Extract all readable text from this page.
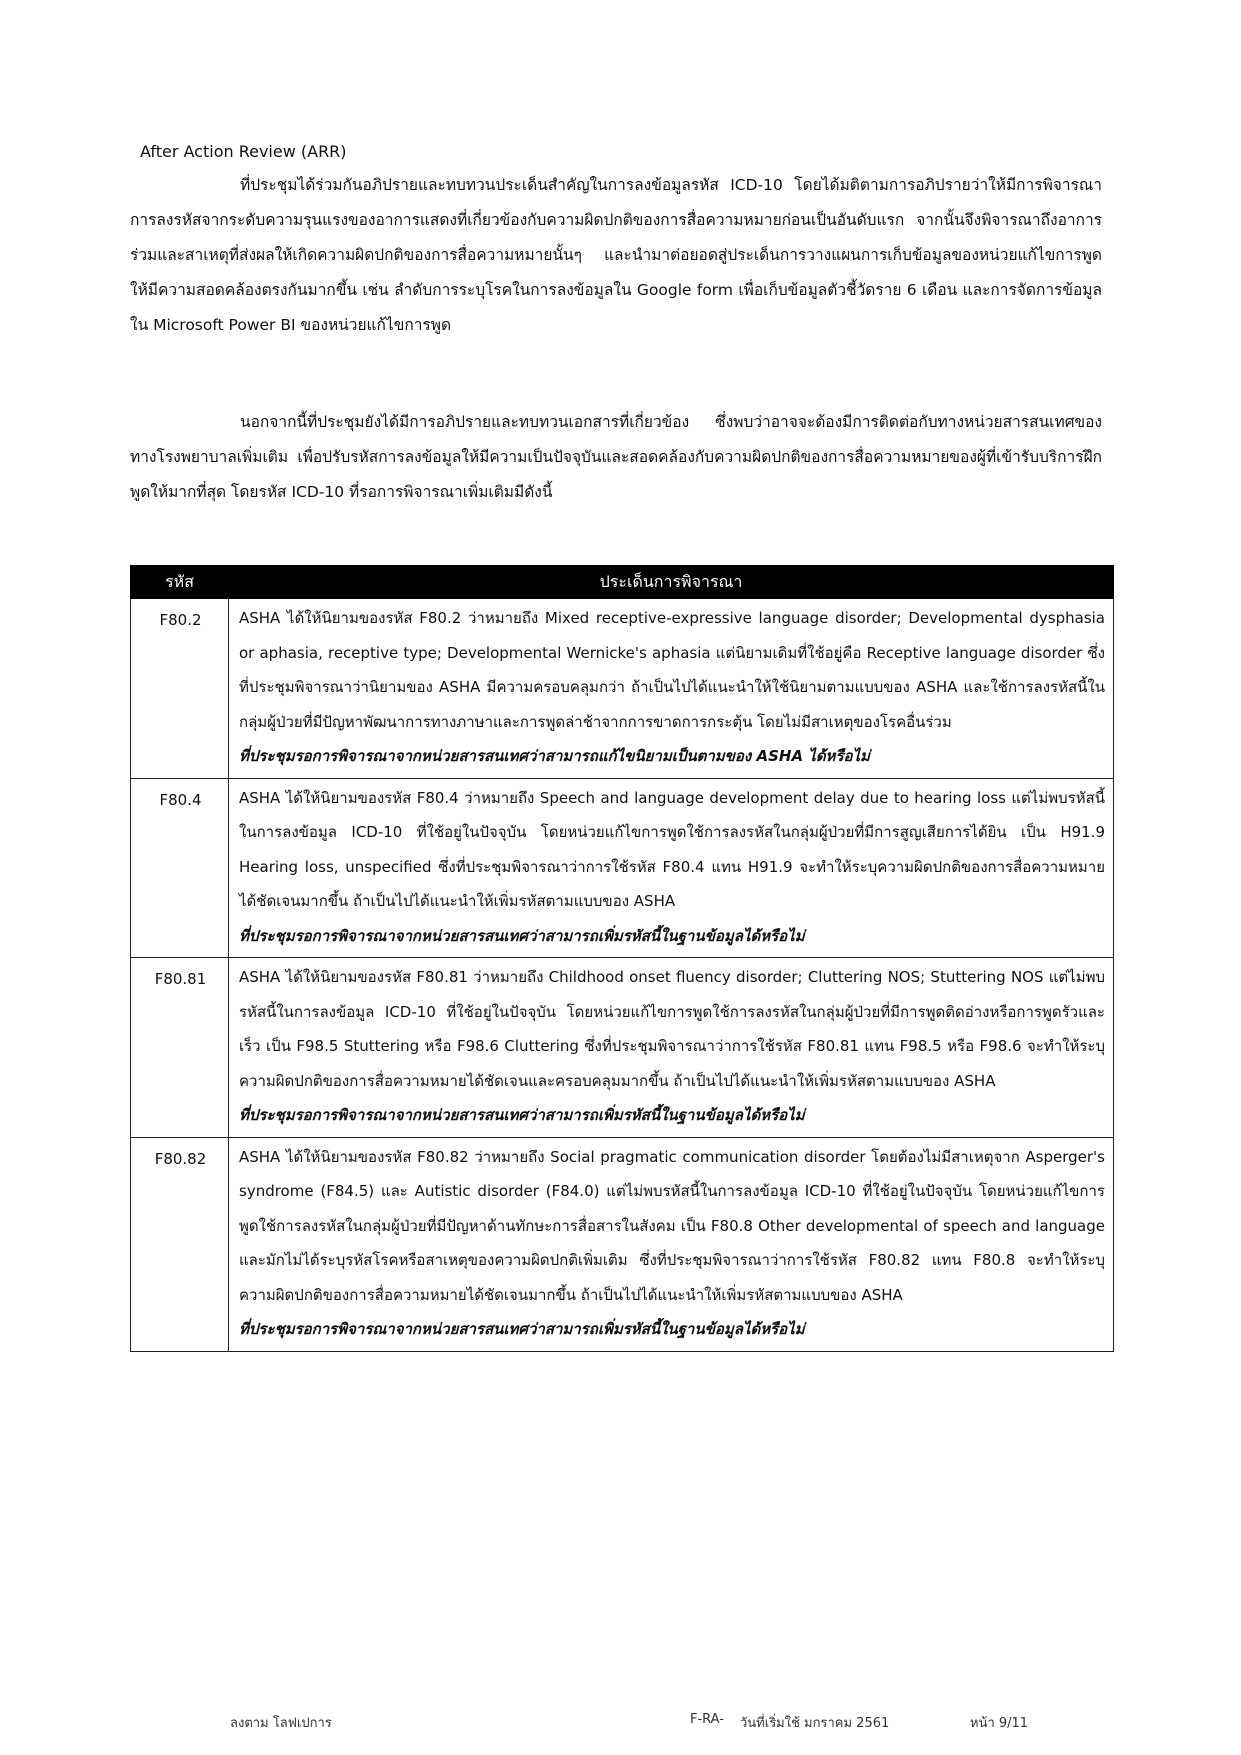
After Action Review (ARR)

ที่ประชุมได้ร่วมกันอภิปรายและทบทวนประเด็นสำคัญในการลงข้อมูลรหัส ICD-10 โดยได้มติตามการอภิปรายว่าให้มีการพิจารณาการลงรหัสจากระดับความรุนแรงของอาการแสดงที่เกี่ยวข้องกับความผิดปกติของการสื่อความหมายก่อนเป็นอันดับแรก จากนั้นจึงพิจารณาถึงอาการร่วมและสาเหตุที่ส่งผลให้เกิดความผิดปกติของการสื่อความหมายนั้นๆ และนำมาต่อยอดสู่ประเด็นการวางแผนการเก็บข้อมูลของหน่วยแก้ไขการพูดให้มีความสอดคล้องตรงกันมากขึ้น เช่น ลำดับการระบุโรคในการลงข้อมูลใน Google form เพื่อเก็บข้อมูลตัวชี้วัดราย 6 เดือน และการจัดการข้อมูลใน Microsoft Power BI ของหน่วยแก้ไขการพูด

นอกจากนี้ที่ประชุมยังได้มีการอภิปรายและทบทวนเอกสารที่เกี่ยวข้อง ซึ่งพบว่าอาจจะต้องมีการติดต่อกับทางหน่วยสารสนเทศของทางโรงพยาบาลเพิ่มเติม เพื่อปรับรหัสการลงข้อมูลให้มีความเป็นปัจจุบันและสอดคล้องกับความผิดปกติของการสื่อความหมายของผู้ที่เข้ารับบริการฝึกพูดให้มากที่สุด โดยรหัส ICD-10 ที่รอการพิจารณาเพิ่มเติมมีดังนี้

รหัส	ประเด็นการพิจารณา
F80.2	ASHA ได้ให้นิยามของรหัส F80.2 ว่าหมายถึง Mixed receptive-expressive language disorder; Developmental dysphasia or aphasia, receptive type; Developmental Wernicke's aphasia แต่นิยามเดิมที่ใช้อยู่คือ Receptive language disorder ซึ่งที่ประชุมพิจารณาว่านิยามของ ASHA มีความครอบคลุมกว่า ถ้าเป็นไปได้แนะนำให้ใช้นิยามตามแบบของ ASHA และใช้การลงรหัสนี้ในกลุ่มผู้ป่วยที่มีปัญหาพัฒนาการทางภาษาและการพูดล่าช้าจากการขาดการกระตุ้น โดยไม่มีสาเหตุของโรคอื่นร่วม
ที่ประชุมรอการพิจารณาจากหน่วยสารสนเทศว่าสามารถแก้ไขนิยามเป็นตามของ ASHA ได้หรือไม่

F80.4	ASHA ได้ให้นิยามของรหัส F80.4 ว่าหมายถึง Speech and language development delay due to hearing loss แต่ไม่พบรหัสนี้ในการลงข้อมูล ICD-10 ที่ใช้อยู่ในปัจจุบัน โดยหน่วยแก้ไขการพูดใช้การลงรหัสในกลุ่มผู้ป่วยที่มีการสูญเสียการได้ยิน เป็น H91.9 Hearing loss, unspecified ซึ่งที่ประชุมพิจารณาว่าการใช้รหัส F80.4 แทน H91.9 จะทำให้ระบุความผิดปกติของการสื่อความหมายได้ชัดเจนมากขึ้น ถ้าเป็นไปได้แนะนำให้เพิ่มรหัสตามแบบของ ASHA
ที่ประชุมรอการพิจารณาจากหน่วยสารสนเทศว่าสามารถเพิ่มรหัสนี้ในฐานข้อมูลได้หรือไม่

F80.81	ASHA ได้ให้นิยามของรหัส F80.81 ว่าหมายถึง Childhood onset fluency disorder; Cluttering NOS; Stuttering NOS แต่ไม่พบรหัสนี้ในการลงข้อมูล ICD-10 ที่ใช้อยู่ในปัจจุบัน โดยหน่วยแก้ไขการพูดใช้การลงรหัสในกลุ่มผู้ป่วยที่มีการพูดติดอ่างหรือการพูดรัวและเร็ว เป็น F98.5 Stuttering หรือ F98.6 Cluttering ซึ่งที่ประชุมพิจารณาว่าการใช้รหัส F80.81 แทน F98.5 หรือ F98.6 จะทำให้ระบุความผิดปกติของการสื่อความหมายได้ชัดเจนและครอบคลุมมากขึ้น ถ้าเป็นไปได้แนะนำให้เพิ่มรหัสตามแบบของ ASHA
ที่ประชุมรอการพิจารณาจากหน่วยสารสนเทศว่าสามารถเพิ่มรหัสนี้ในฐานข้อมูลได้หรือไม่

F80.82	ASHA ได้ให้นิยามของรหัส F80.82 ว่าหมายถึง Social pragmatic communication disorder โดยต้องไม่มีสาเหตุจาก Asperger's syndrome (F84.5) และ Autistic disorder (F84.0) แต่ไม่พบรหัสนี้ในการลงข้อมูล ICD-10 ที่ใช้อยู่ในปัจจุบัน โดยหน่วยแก้ไขการพูดใช้การลงรหัสในกลุ่มผู้ป่วยที่มีปัญหาด้านทักษะการสื่อสารในสังคม เป็น F80.8 Other developmental of speech and language และมักไม่ได้ระบุรหัสโรคหรือสาเหตุของความผิดปกติเพิ่มเติม ซึ่งที่ประชุมพิจารณาว่าการใช้รหัส F80.82 แทน F80.8 จะทำให้ระบุความผิดปกติของการสื่อความหมายได้ชัดเจนมากขึ้น ถ้าเป็นไปได้แนะนำให้เพิ่มรหัสตามแบบของ ASHA
ที่ประชุมรอการพิจารณาจากหน่วยสารสนเทศว่าสามารถเพิ่มรหัสนี้ในฐานข้อมูลได้หรือไม่
ลงตาม โลฟเปการ	F-RA- วันที่เริ่มใช้ มกราคม 2561	หน้า 9/11
